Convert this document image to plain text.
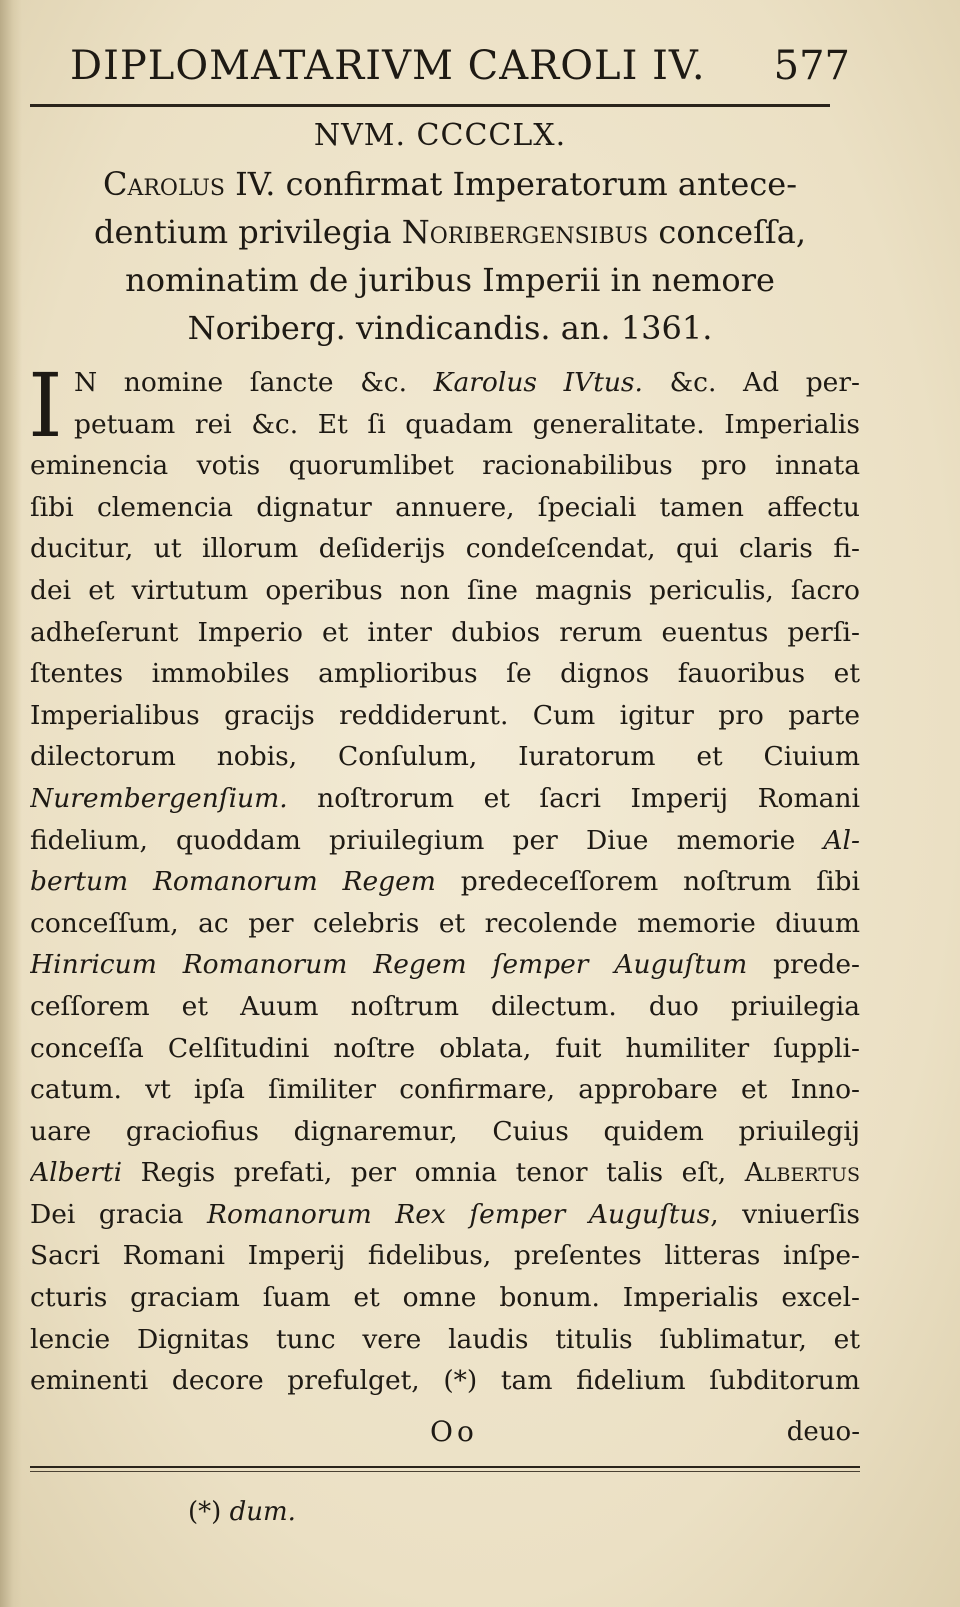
DIPLOMATARIVM CAROLI IV. 577
NVM. CCCCLX.
Carolus IV. confirmat Imperatorum antece-
dentium privilegia Noribergensibus conceſſa,
nominatim de juribus Imperii in nemore
Noriberg. vindicandis. an. 1361.
I N nomine ſancte &c. Karolus IVtus. &c. Ad per-
petuam rei &c. Et ſi quadam generalitate. Imperialis
eminencia votis quorumlibet racionabilibus pro innata
ſibi clemencia dignatur annuere, ſpeciali tamen affectu
ducitur, ut illorum deſiderijs condeſcendat, qui claris fi-
dei et virtutum operibus non ſine magnis periculis, ſacro
adheſerunt Imperio et inter dubios rerum euentus perſi-
ſtentes immobiles amplioribus ſe dignos fauoribus et
Imperialibus gracijs reddiderunt. Cum igitur pro parte
dilectorum nobis, Conſulum, Iuratorum et Ciuium
Nurembergenſium. noſtrorum et ſacri Imperij Romani
fidelium, quoddam priuilegium per Diue memorie Al-
bertum Romanorum Regem predeceſſorem noſtrum ſibi
conceſſum, ac per celebris et recolende memorie diuum
Hinricum Romanorum Regem ſemper Auguſtum prede-
ceſſorem et Auum noſtrum dilectum. duo priuilegia
conceſſa Celſitudini noſtre oblata, fuit humiliter ſuppli-
catum. vt ipſa ſimiliter confirmare, approbare et Inno-
uare graciofius dignaremur, Cuius quidem priuilegij
Alberti Regis prefati, per omnia tenor talis eſt, Albertus
Dei gracia Romanorum Rex ſemper Auguſtus, vniuerſis
Sacri Romani Imperij fidelibus, preſentes litteras inſpe-
cturis graciam ſuam et omne bonum. Imperialis excel-
lencie Dignitas tunc vere laudis titulis ſublimatur, et
eminenti decore prefulget, (*) tam fidelium ſubditorum
Oo	deuo-
(*) dum.
